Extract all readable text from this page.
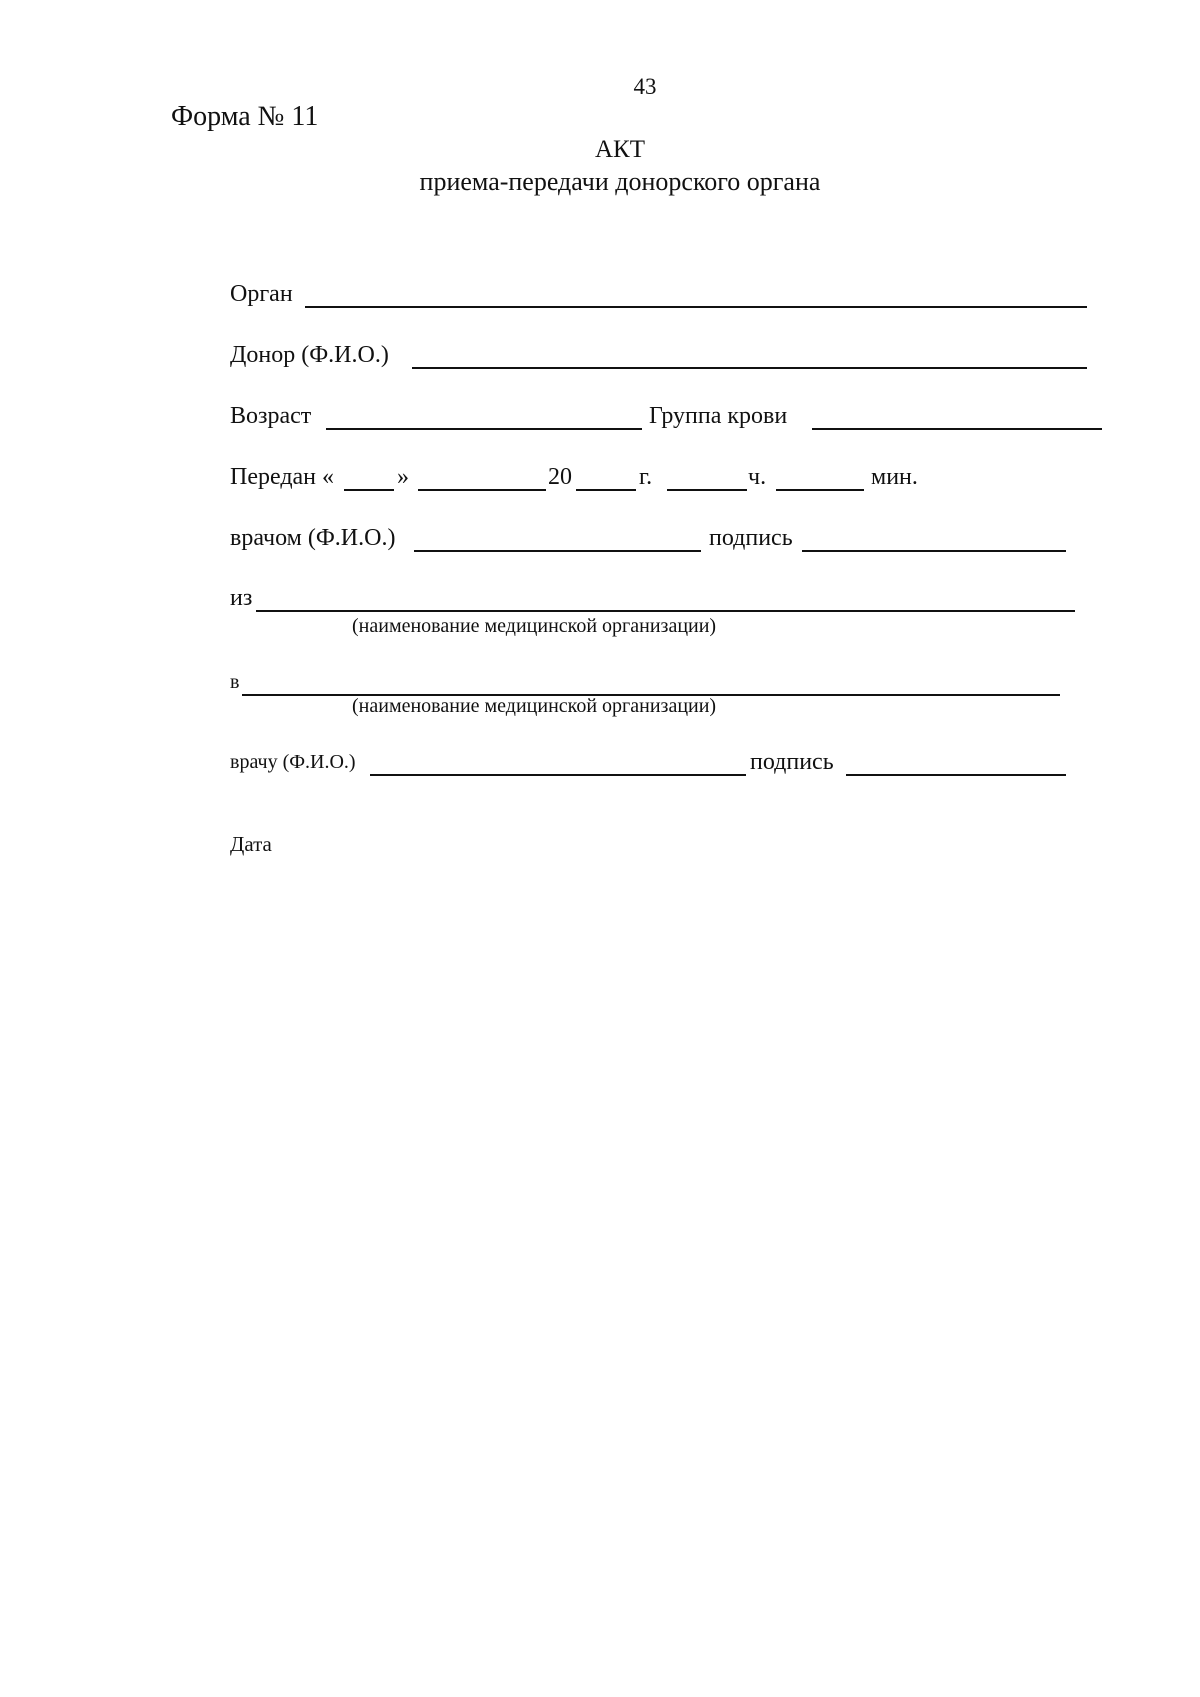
43
Форма № 11
АКТ
приема-передачи донорского органа
Орган
Донор (Ф.И.О.)
Возраст	Группа крови
Передан «	»	20	г.	ч.	мин.
врачом (Ф.И.О.)	подпись
из
(наименование медицинской организации)
в
(наименование медицинской организации)
врачу (Ф.И.О.)	подпись
Дата
